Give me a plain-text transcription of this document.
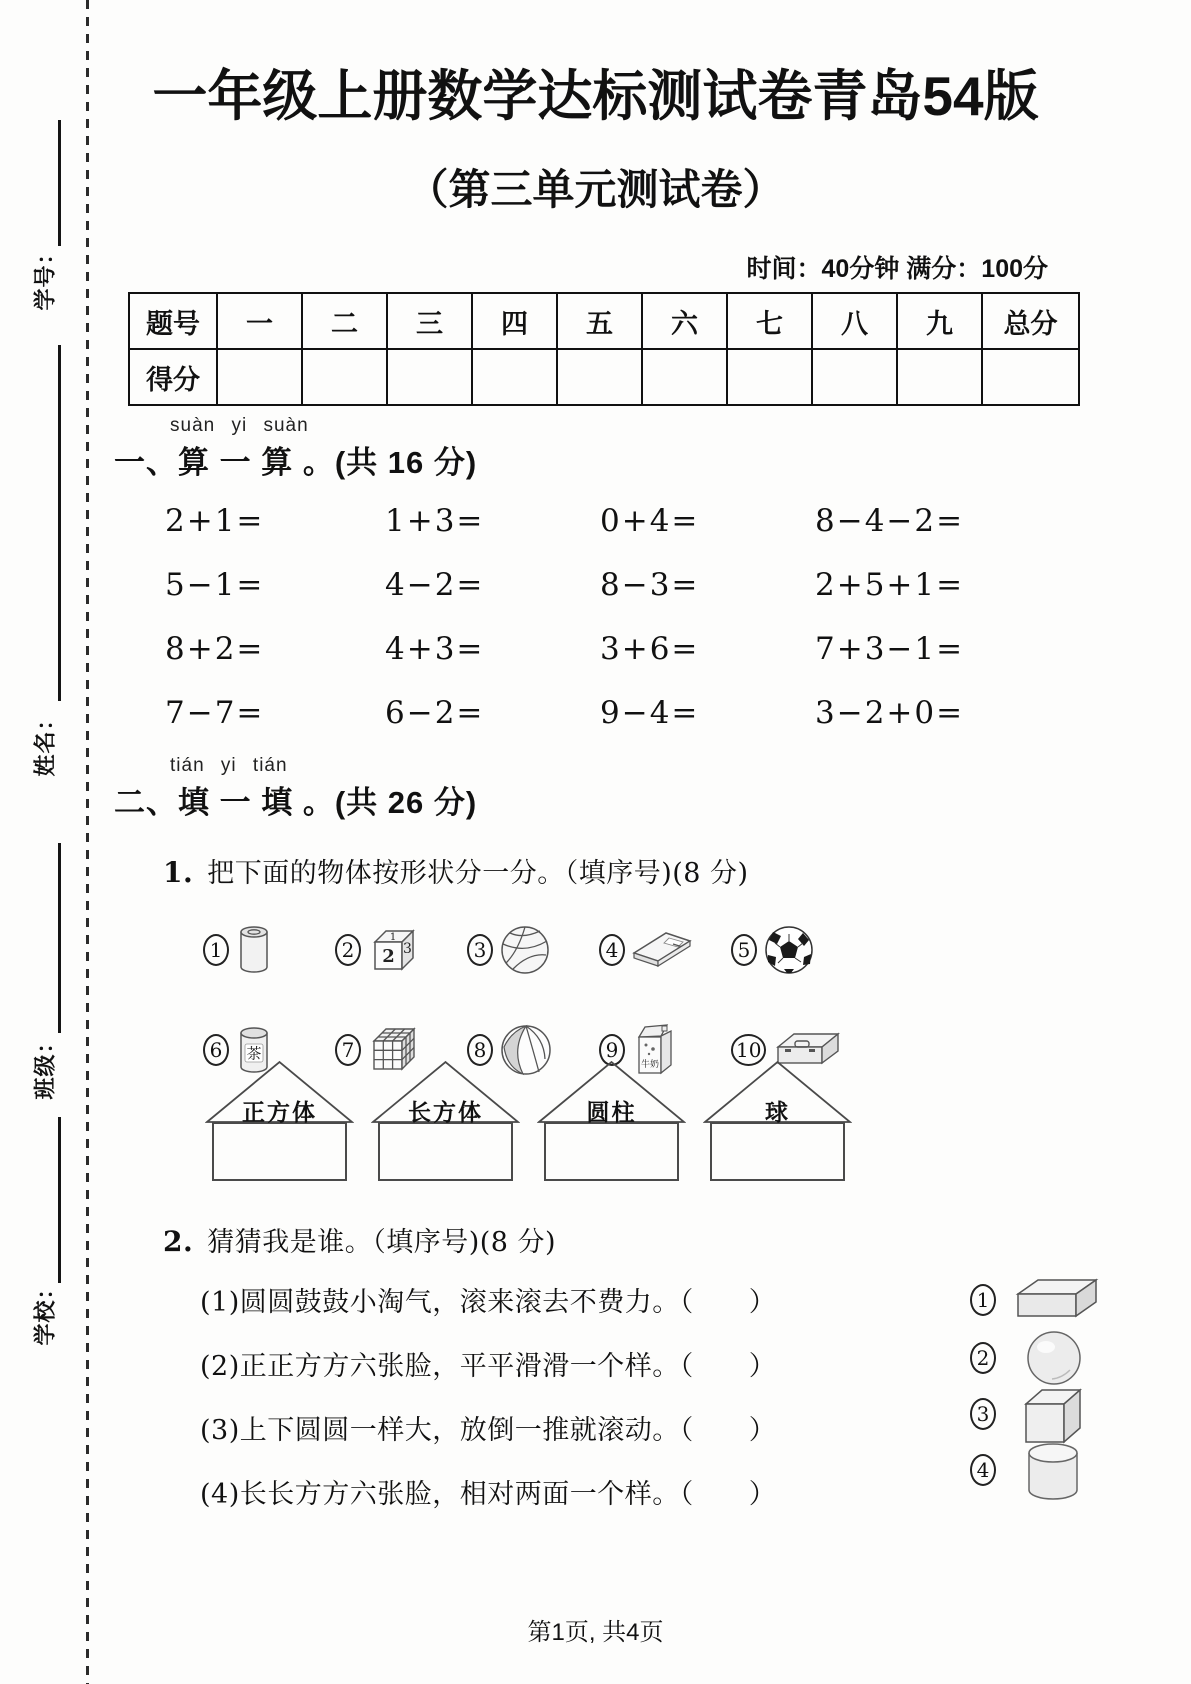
学号：
姓名：
班级：
学校：
一年级上册数学达标测试卷青岛54版
（第三单元测试卷）
时间：40分钟 满分：100分
题号	一	二	三	四	五	六	七	八	九	总分
得分										
suàn yi suàn
一、算 一 算 。(共 16 分)
2+1=	1+3=	0+4=	8−4−2=
5−1=	4−2=	8−3=	2+5+1=
8+2=	4+3=	3+6=	7+3−1=
7−7=	6−2=	9−4=	3−2+0=
tián yi tián
二、填 一 填 。(共 26 分)
1. 把下面的物体按形状分一分。（填序号)(8 分)
1	2
1
2 3	3	4	5
6	茶	7	8	9
牛奶
10
正方体	长方体	圆柱	球
2. 猜猜我是谁。（填序号)(8 分)
(1)圆圆鼓鼓小淘气，滚来滚去不费力。（　　）
(2)正正方方六张脸，平平滑滑一个样。（　　）
(3)上下圆圆一样大，放倒一推就滚动。（　　）
(4)长长方方六张脸，相对两面一个样。（　　）
1
2
3
4
第1页, 共4页
